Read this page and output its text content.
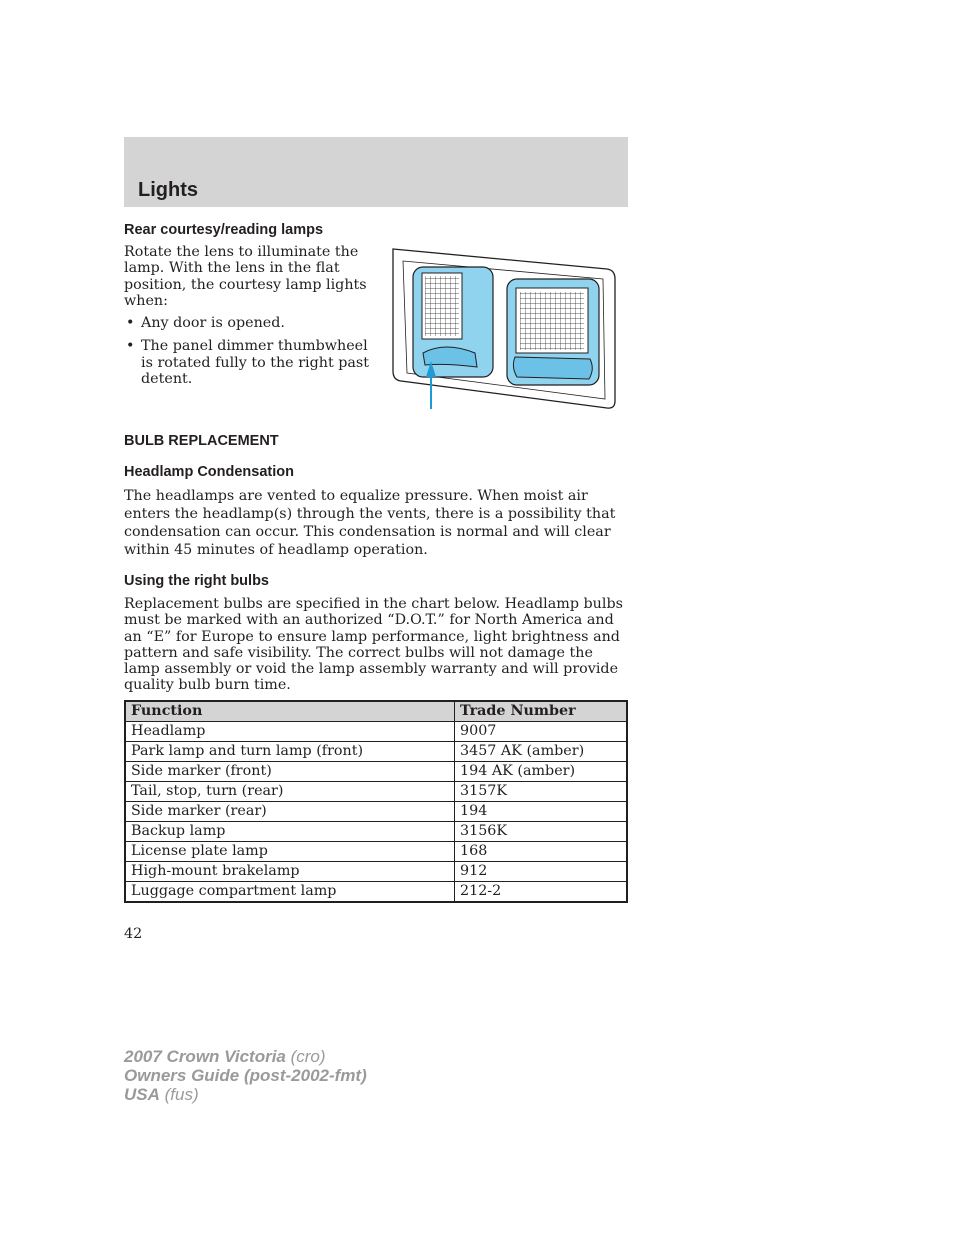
Lights
Rear courtesy/reading lamps

Rotate the lens to illuminate the lamp. With the lens in the flat position, the courtesy lamp lights when:

• Any door is opened.
• The panel dimmer thumbwheel is rotated fully to the right past detent.
BULB REPLACEMENT
Headlamp Condensation

The headlamps are vented to equalize pressure. When moist air enters the headlamp(s) through the vents, there is a possibility that condensation can occur. This condensation is normal and will clear within 45 minutes of headlamp operation.

Using the right bulbs

Replacement bulbs are specified in the chart below. Headlamp bulbs must be marked with an authorized “D.O.T.” for North America and an “E” for Europe to ensure lamp performance, light brightness and pattern and safe visibility. The correct bulbs will not damage the lamp assembly or void the lamp assembly warranty and will provide quality bulb burn time.

Function	Trade Number
Headlamp	9007
Park lamp and turn lamp (front)	3457 AK (amber)
Side marker (front)	194 AK (amber)
Tail, stop, turn (rear)	3157K
Side marker (rear)	194
Backup lamp	3156K
License plate lamp	168
High-mount brakelamp	912
Luggage compartment lamp	212-2
42
2007 Crown Victoria (cro)
Owners Guide (post-2002-fmt)
USA (fus)
